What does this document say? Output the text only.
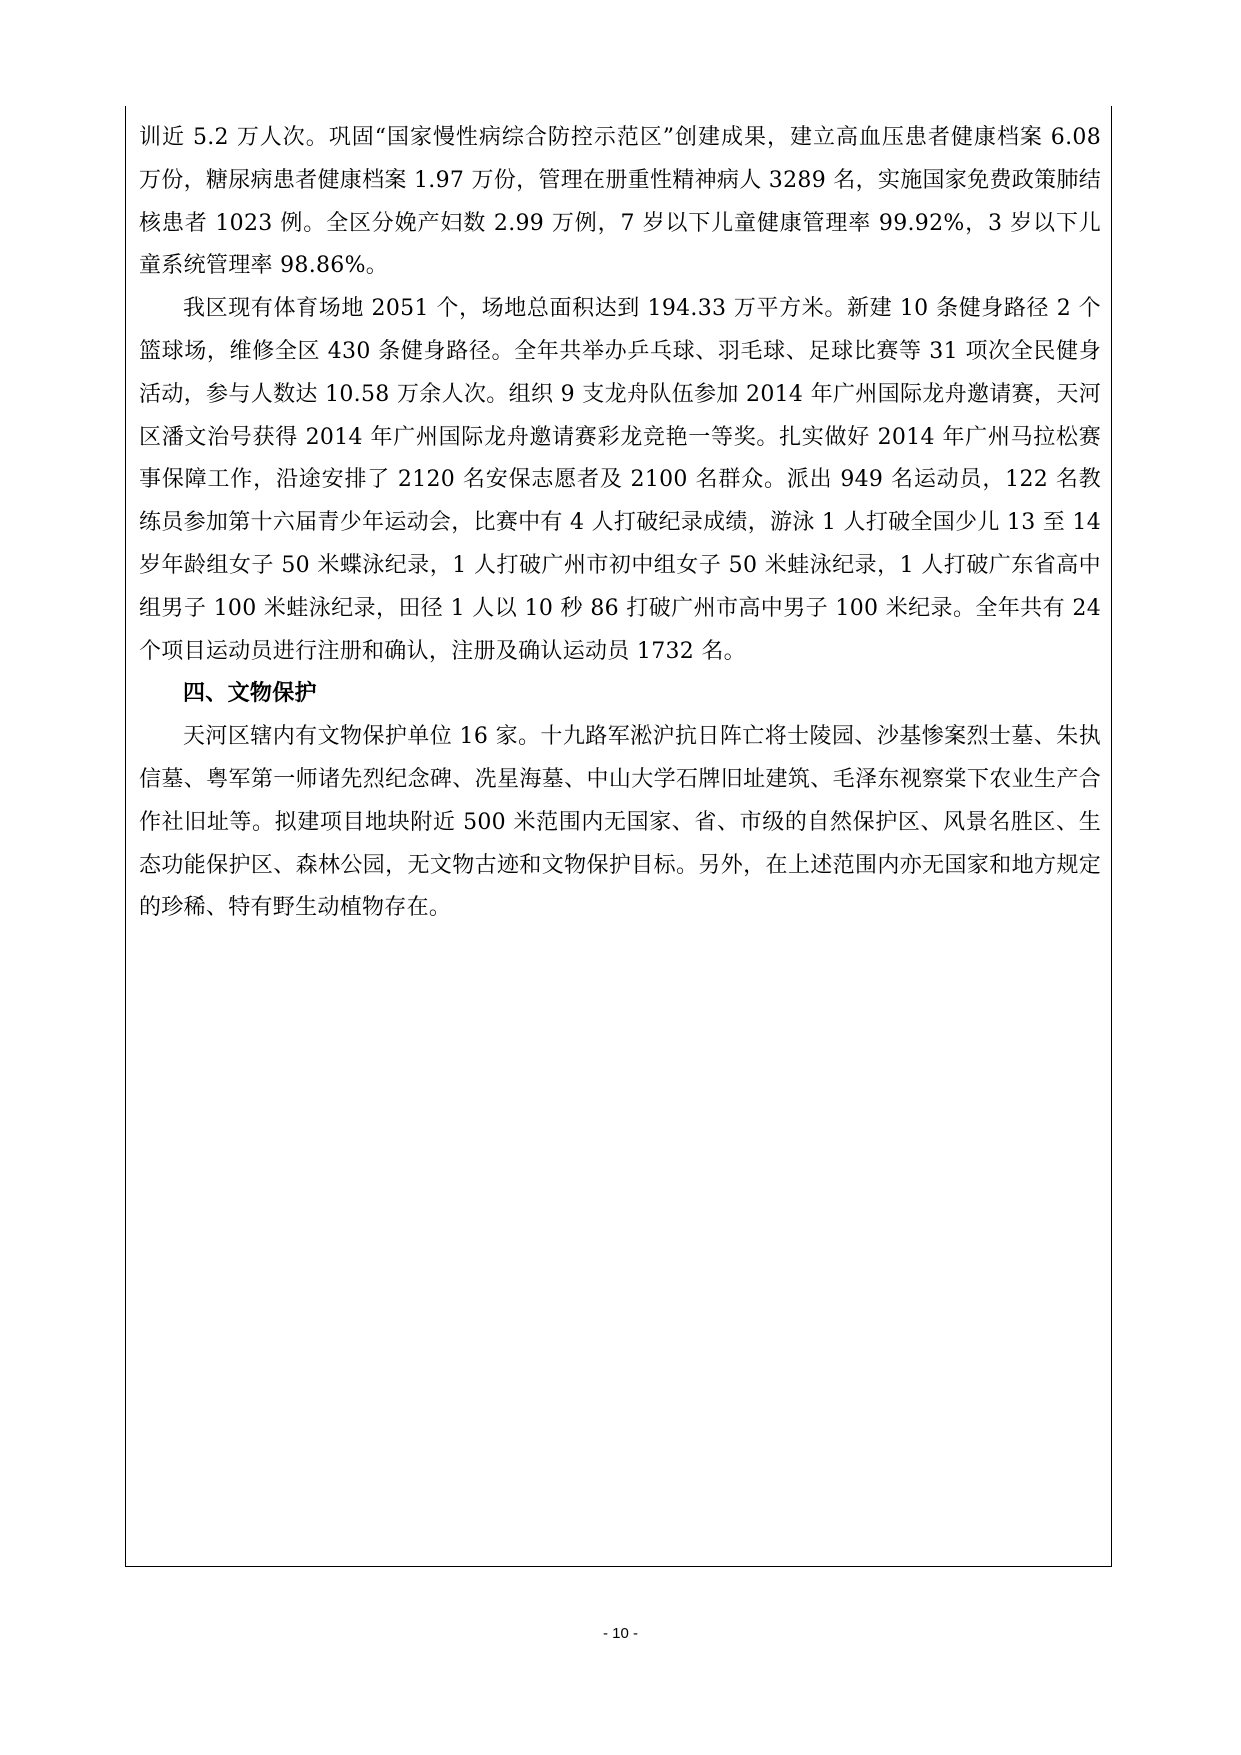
训近 5.2 万人次。巩固“国家慢性病综合防控示范区”创建成果，建立高血压患者健康档案 6.08 万份，糖尿病患者健康档案 1.97 万份，管理在册重性精神病人 3289 名，实施国家免费政策肺结核患者 1023 例。全区分娩产妇数 2.99 万例，7 岁以下儿童健康管理率 99.92%，3 岁以下儿童系统管理率 98.86%。

我区现有体育场地 2051 个，场地总面积达到 194.33 万平方米。新建 10 条健身路径 2 个篮球场，维修全区 430 条健身路径。全年共举办乒乓球、羽毛球、足球比赛等 31 项次全民健身活动，参与人数达 10.58 万余人次。组织 9 支龙舟队伍参加 2014 年广州国际龙舟邀请赛，天河区潘文治号获得 2014 年广州国际龙舟邀请赛彩龙竞艳一等奖。扎实做好 2014 年广州马拉松赛事保障工作，沿途安排了 2120 名安保志愿者及 2100 名群众。派出 949 名运动员，122 名教练员参加第十六届青少年运动会，比赛中有 4 人打破纪录成绩，游泳 1 人打破全国少儿 13 至 14 岁年龄组女子 50 米蝶泳纪录，1 人打破广州市初中组女子 50 米蛙泳纪录，1 人打破广东省高中组男子 100 米蛙泳纪录，田径 1 人以 10 秒 86 打破广州市高中男子 100 米纪录。全年共有 24 个项目运动员进行注册和确认，注册及确认运动员 1732 名。

四、文物保护

天河区辖内有文物保护单位 16 家。十九路军淞沪抗日阵亡将士陵园、沙基惨案烈士墓、朱执信墓、粤军第一师诸先烈纪念碑、冼星海墓、中山大学石牌旧址建筑、毛泽东视察棠下农业生产合作社旧址等。拟建项目地块附近 500 米范围内无国家、省、市级的自然保护区、风景名胜区、生态功能保护区、森林公园，无文物古迹和文物保护目标。另外，在上述范围内亦无国家和地方规定的珍稀、特有野生动植物存在。

- 10 -
